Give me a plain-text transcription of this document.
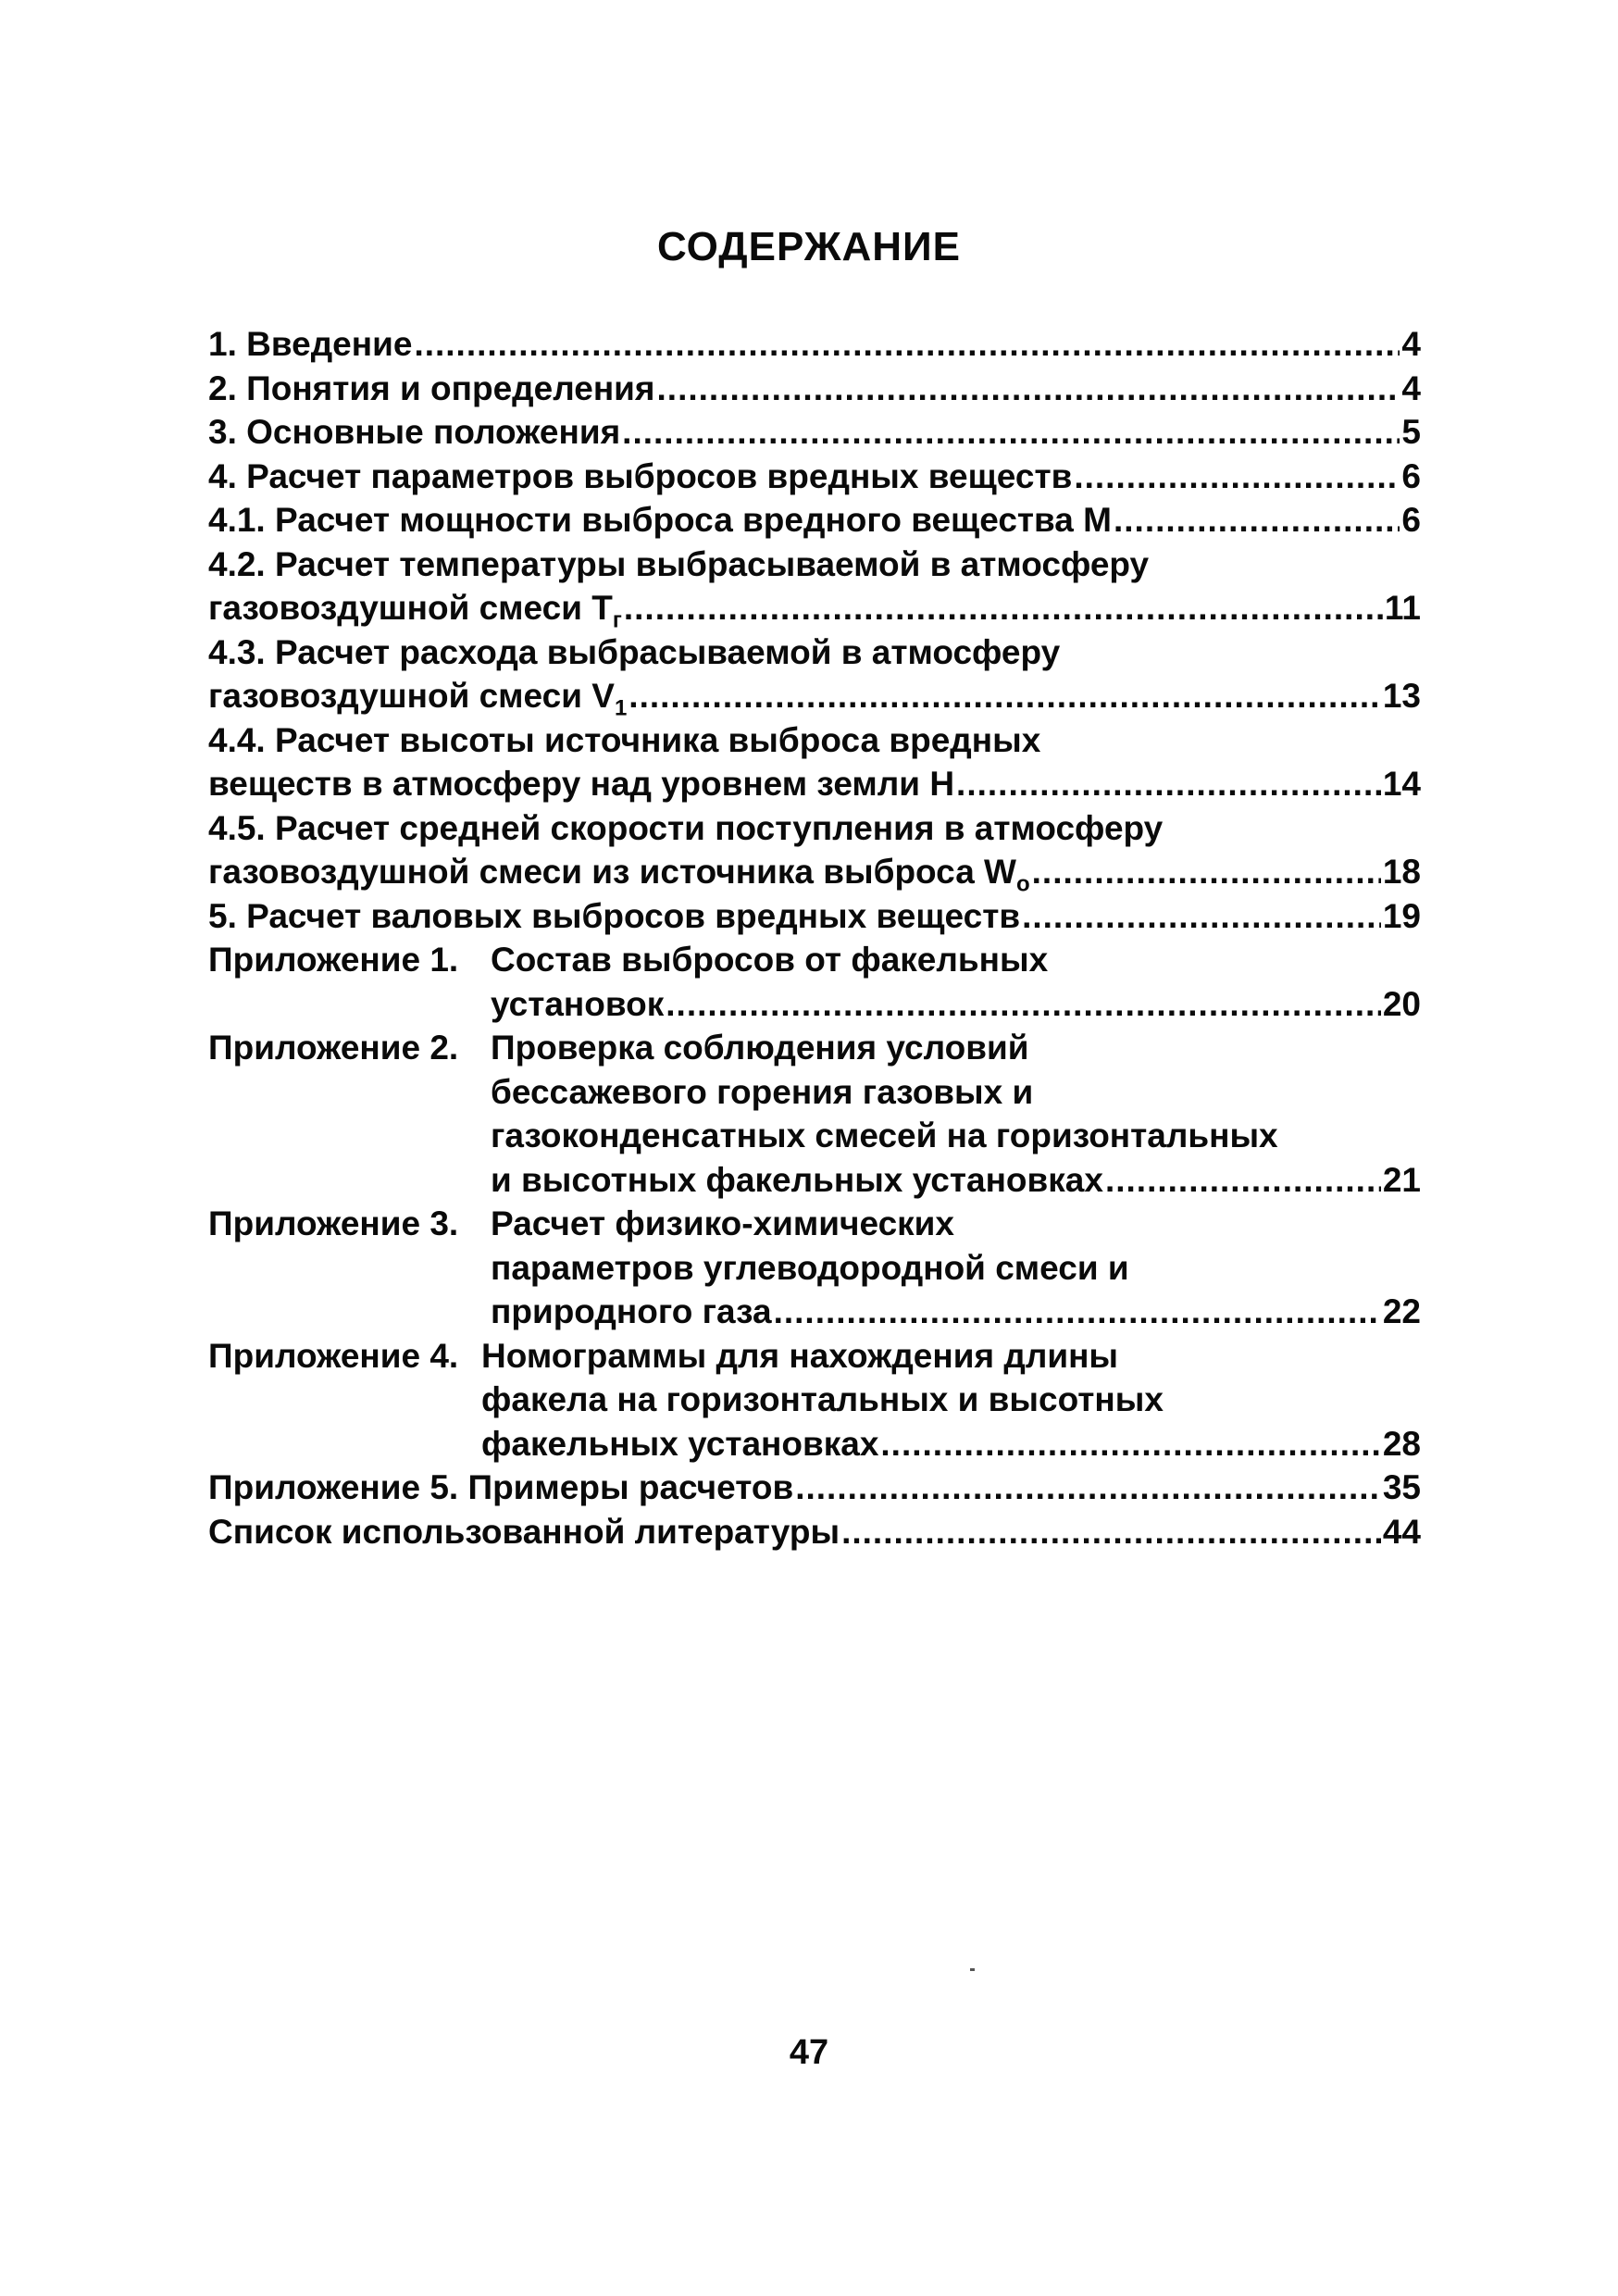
СОДЕРЖАНИЕ
1. Введение .....	4
2. Понятия и определения .....	4
3. Основные положения .....	5
4. Расчет параметров выбросов вредных веществ .....	6
4.1. Расчет мощности выброса вредного вещества M .....	6
4.2. Расчет температуры выбрасываемой в атмосферу
газовоздушной смеси $T_г$ .....	11
4.3. Расчет расхода выбрасываемой в атмосферу
газовоздушной смеси $V_1$ .....	13
4.4. Расчет высоты источника выброса вредных
веществ в атмосферу над уровнем земли H .....	14
4.5. Расчет средней скорости поступления в атмосферу
газовоздушной смеси из источника выброса $W_o$ .....	18
5. Расчет валовых выбросов вредных веществ .....	19
Приложение 1. Состав выбросов от факельных
установок .....	20
Приложение 2. Проверка соблюдения условий
бессажевого горения газовых и
газоконденсатных смесей на горизонтальных
и высотных факельных установках .....	21
Приложение 3. Расчет физико-химических
параметров углеводородной смеси и
природного газа .....	22
Приложение 4. Номограммы для нахождения длины
факела на горизонтальных и высотных
факельных установках .....	28
Приложение 5. Примеры расчетов .....	35
Список использованной литературы .....	44
47
